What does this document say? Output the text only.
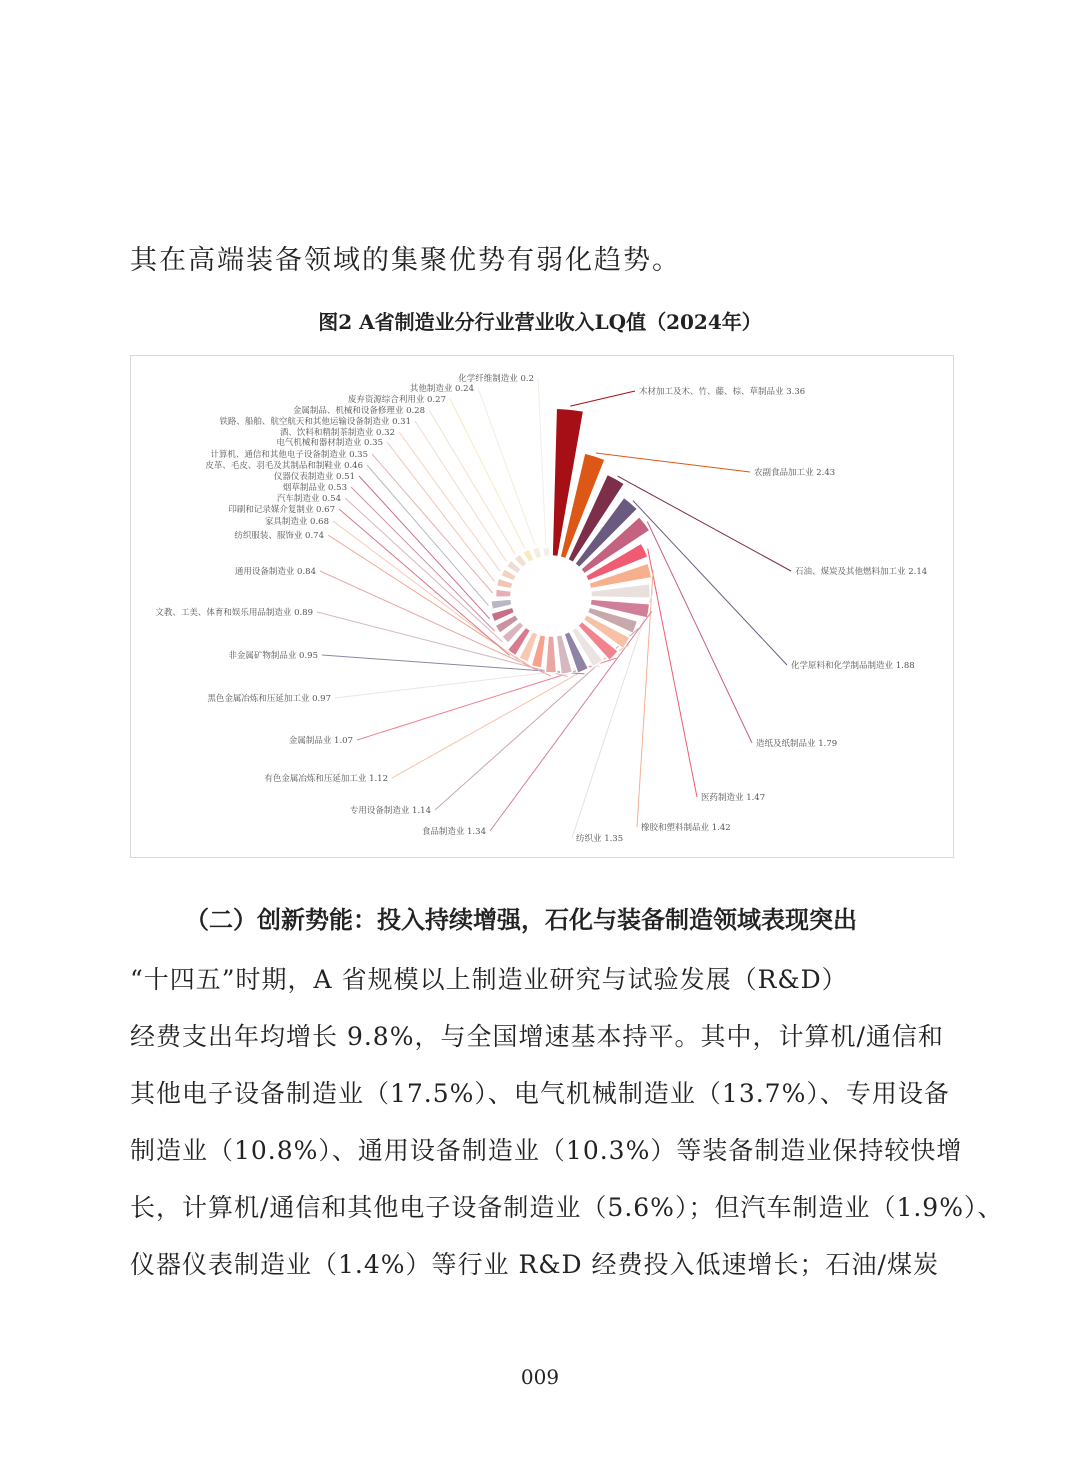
其在高端装备领域的集聚优势有弱化趋势。
图2 A省制造业分行业营业收入LQ值（2024年）
木材加工及木、竹、藤、棕、草制品业 3.36
农副食品加工业 2.43
石油、煤炭及其他燃料加工业 2.14
化学原料和化学制品制造业 1.88
造纸及纸制品业 1.79
医药制造业 1.47
橡胶和塑料制品业 1.42
纺织业 1.35
食品制造业 1.34
专用设备制造业 1.14
有色金属冶炼和压延加工业 1.12
金属制品业 1.07
黑色金属冶炼和压延加工业 0.97
非金属矿物制品业 0.95
文教、工美、体育和娱乐用品制造业 0.89
通用设备制造业 0.84
纺织服装、服饰业 0.74
家具制造业 0.68
印刷和记录媒介复制业 0.67
汽车制造业 0.54
烟草制品业 0.53
仪器仪表制造业 0.51
皮革、毛皮、羽毛及其制品和制鞋业 0.46
计算机、通信和其他电子设备制造业 0.35
电气机械和器材制造业 0.35
酒、饮料和精制茶制造业 0.32
铁路、船舶、航空航天和其他运输设备制造业 0.31
金属制品、机械和设备修理业 0.28
废弃资源综合利用业 0.27
其他制造业 0.24
化学纤维制造业 0.2
（二）创新势能：投入持续增强，石化与装备制造领域表现突出
“十四五”时期，A 省规模以上制造业研究与试验发展（R&D）
经费支出年均增长 9.8%，与全国增速基本持平。其中，计算机/通信和
其他电子设备制造业（17.5%）、电气机械制造业（13.7%）、专用设备
制造业（10.8%）、通用设备制造业（10.3%）等装备制造业保持较快增
长，计算机/通信和其他电子设备制造业（5.6%）；但汽车制造业（1.9%）、
仪器仪表制造业（1.4%）等行业 R&D 经费投入低速增长；石油/煤炭
009
